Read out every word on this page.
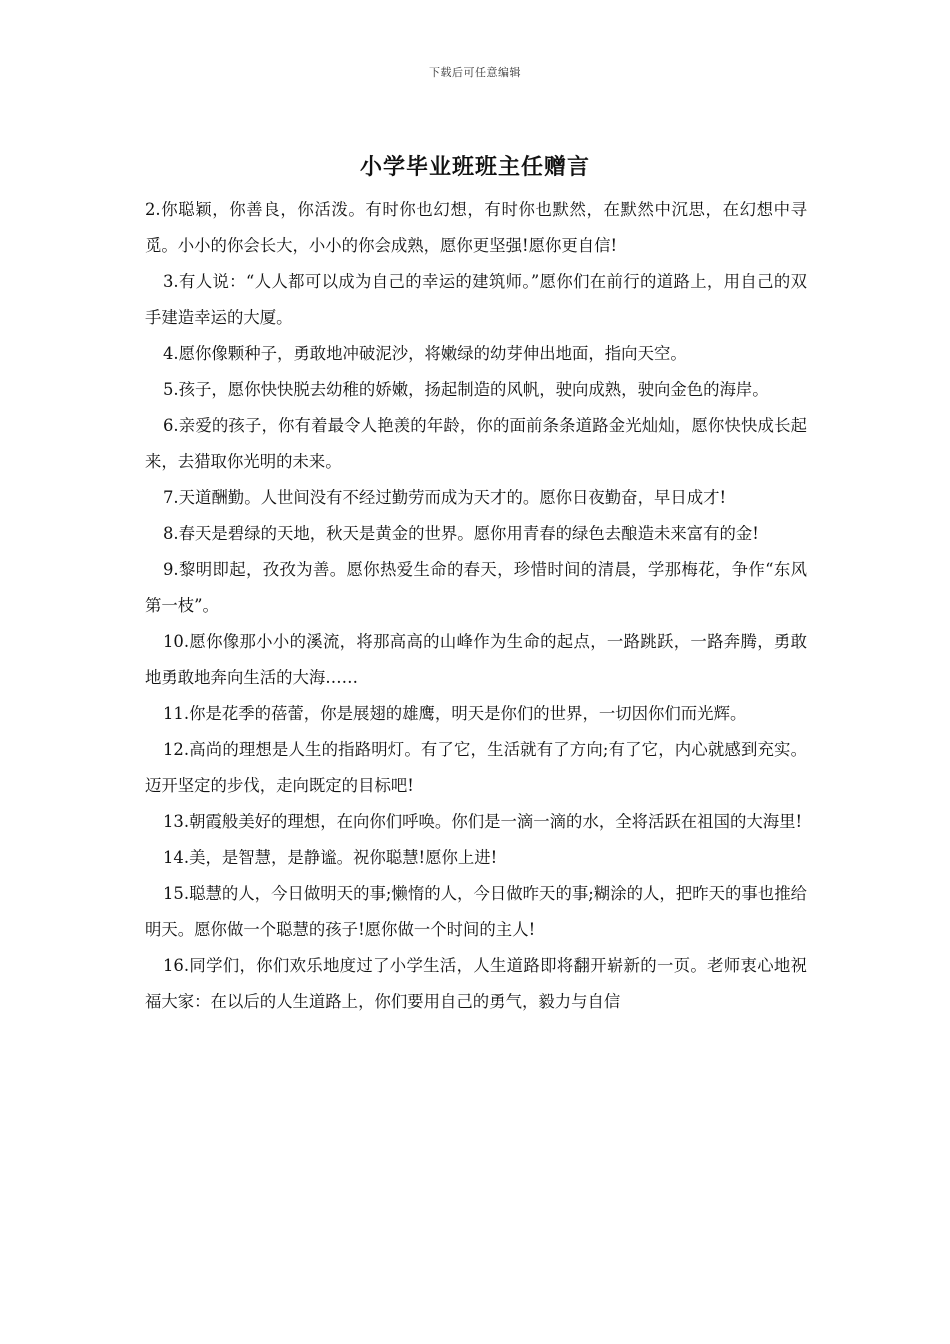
下载后可任意编辑
小学毕业班班主任赠言

2.你聪颖，你善良，你活泼。有时你也幻想，有时你也默然，在默然中沉思，在幻想中寻觅。小小的你会长大，小小的你会成熟，愿你更坚强!愿你更自信!

3.有人说：“人人都可以成为自己的幸运的建筑师。”愿你们在前行的道路上，用自己的双手建造幸运的大厦。

4.愿你像颗种子，勇敢地冲破泥沙，将嫩绿的幼芽伸出地面，指向天空。

5.孩子，愿你快快脱去幼稚的娇嫩，扬起制造的风帆，驶向成熟，驶向金色的海岸。

6.亲爱的孩子，你有着最令人艳羡的年龄，你的面前条条道路金光灿灿，愿你快快成长起来，去猎取你光明的未来。

7.天道酬勤。人世间没有不经过勤劳而成为天才的。愿你日夜勤奋，早日成才!

8.春天是碧绿的天地，秋天是黄金的世界。愿你用青春的绿色去酿造未来富有的金!

9.黎明即起，孜孜为善。愿你热爱生命的春天，珍惜时间的清晨，学那梅花，争作“东风第一枝”。

10.愿你像那小小的溪流，将那高高的山峰作为生命的起点，一路跳跃，一路奔腾，勇敢地勇敢地奔向生活的大海……

11.你是花季的蓓蕾，你是展翅的雄鹰，明天是你们的世界，一切因你们而光辉。

12.高尚的理想是人生的指路明灯。有了它，生活就有了方向;有了它，内心就感到充实。迈开坚定的步伐，走向既定的目标吧!

13.朝霞般美好的理想，在向你们呼唤。你们是一滴一滴的水，全将活跃在祖国的大海里!

14.美，是智慧，是静谧。祝你聪慧!愿你上进!

15.聪慧的人，今日做明天的事;懒惰的人，今日做昨天的事;糊涂的人，把昨天的事也推给明天。愿你做一个聪慧的孩子!愿你做一个时间的主人!

16.同学们，你们欢乐地度过了小学生活，人生道路即将翻开崭新的一页。老师衷心地祝福大家：在以后的人生道路上，你们要用自己的勇气，毅力与自信
